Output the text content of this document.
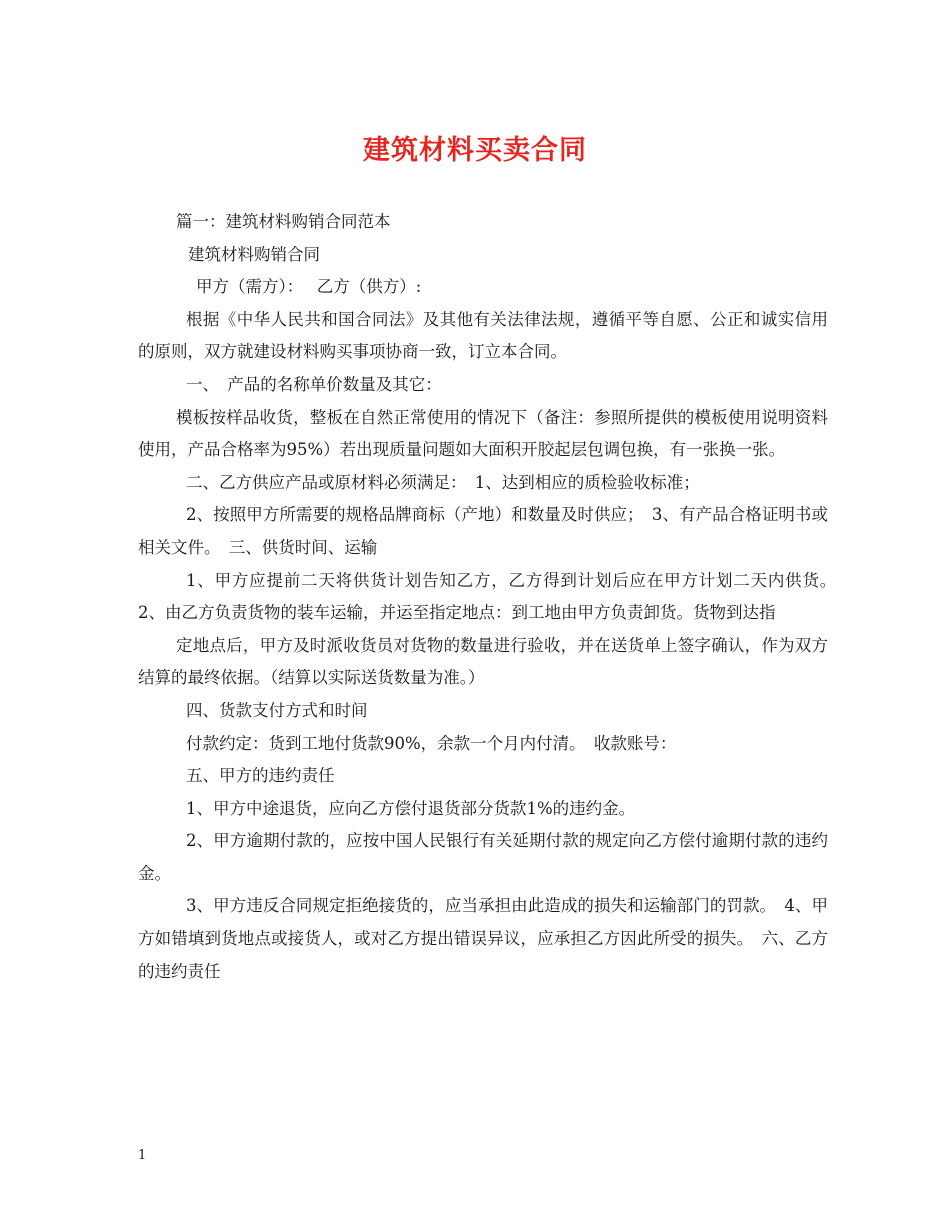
建筑材料买卖合同

篇一：建筑材料购销合同范本

建筑材料购销合同

甲方（需方）：　 乙方（供方）:

根据《中华人民共和国合同法》及其他有关法律法规，遵循平等自愿、公正和诚实信用的原则，双方就建设材料购买事项协商一致，订立本合同。

一、　产品的名称单价数量及其它：

模板按样品收货，整板在自然正常使用的情况下（备注：参照所提供的模板使用说明资料使用，产品合格率为95%）若出现质量问题如大面积开胶起层包调包换，有一张换一张。

二、乙方供应产品或原材料必须满足：　1、达到相应的质检验收标准；

2、按照甲方所需要的规格品牌商标（产地）和数量及时供应；　3、有产品合格证明书或相关文件。　三、供货时间、运输

1、甲方应提前二天将供货计划告知乙方，乙方得到计划后应在甲方计划二天内供货。　2、由乙方负责货物的装车运输，并运至指定地点：到工地由甲方负责卸货。货物到达指

定地点后，甲方及时派收货员对货物的数量进行验收，并在送货单上签字确认，作为双方结算的最终依据。（结算以实际送货数量为准。）

四、货款支付方式和时间

付款约定：货到工地付货款90%，余款一个月内付清。　收款账号：

五、甲方的违约责任

1、甲方中途退货，应向乙方偿付退货部分货款1%的违约金。

2、甲方逾期付款的，应按中国人民银行有关延期付款的规定向乙方偿付逾期付款的违约金。

3、甲方违反合同规定拒绝接货的，应当承担由此造成的损失和运输部门的罚款。　4、甲方如错填到货地点或接货人，或对乙方提出错误异议，应承担乙方因此所受的损失。　六、乙方的违约责任

1
